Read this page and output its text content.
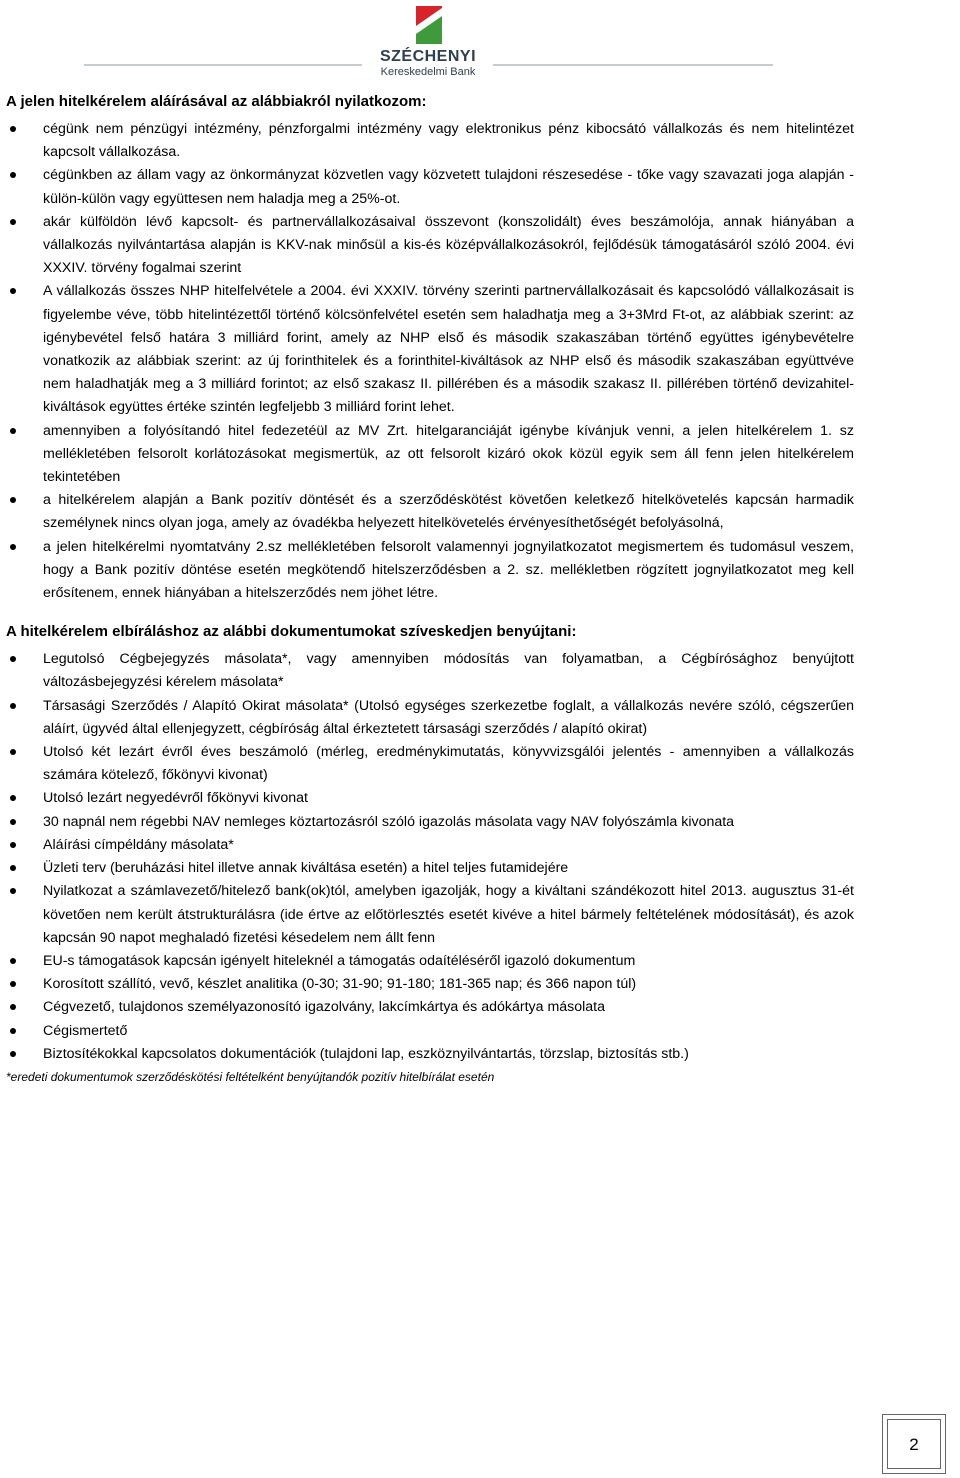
SZÉCHENYI
Kereskedelmi Bank
A jelen hitelkérelem aláírásával az alábbiakról nyilatkozom:
cégünk nem pénzügyi intézmény, pénzforgalmi intézmény vagy elektronikus pénz kibocsátó vállalkozás és nem hitelintézet kapcsolt vállalkozása.
cégünkben az állam vagy az önkormányzat közvetlen vagy közvetett tulajdoni részesedése - tőke vagy szavazati joga alapján - külön-külön vagy együttesen nem haladja meg a 25%-ot.
akár külföldön lévő kapcsolt- és partnervállalkozásaival összevont (konszolidált) éves beszámolója, annak hiányában a vállalkozás nyilvántartása alapján is KKV-nak minősül a kis-és középvállalkozásokról, fejlődésük támogatásáról szóló 2004. évi XXXIV. törvény fogalmai szerint
A vállalkozás összes NHP hitelfelvétele a 2004. évi XXXIV. törvény szerinti partnervállalkozásait és kapcsolódó vállalkozásait is figyelembe véve, több hitelintézettől történő kölcsönfelvétel esetén sem haladhatja meg a 3+3Mrd Ft-ot, az alábbiak szerint: az igénybevétel felső határa 3 milliárd forint, amely az NHP első és második szakaszában történő együttes igénybevételre vonatkozik az alábbiak szerint: az új forinthitelek és a forinthitel-kiváltások az NHP első és második szakaszában együttvéve nem haladhatják meg a 3 milliárd forintot; az első szakasz II. pillérében és a második szakasz II. pillérében történő devizahitel-kiváltások együttes értéke szintén legfeljebb 3 milliárd forint lehet.
amennyiben a folyósítandó hitel fedezetéül az MV Zrt. hitelgaranciáját igénybe kívánjuk venni, a jelen hitelkérelem 1. sz mellékletében felsorolt korlátozásokat megismertük, az ott felsorolt kizáró okok közül egyik sem áll fenn jelen hitelkérelem tekintetében
a hitelkérelem alapján a Bank pozitív döntését és a szerződéskötést követően keletkező hitelkövetelés kapcsán harmadik személynek nincs olyan joga, amely az óvadékba helyezett hitelkövetelés érvényesíthetőségét befolyásolná,
a jelen hitelkérelmi nyomtatvány 2.sz mellékletében felsorolt valamennyi jognyilatkozatot megismertem és tudomásul veszem, hogy a Bank pozitív döntése esetén megkötendő hitelszerződésben a 2. sz. mellékletben rögzített jognyilatkozatot meg kell erősítenem, ennek hiányában a hitelszerződés nem jöhet létre.
A hitelkérelem elbíráláshoz az alábbi dokumentumokat szíveskedjen benyújtani:
Legutolsó Cégbejegyzés másolata*, vagy amennyiben módosítás van folyamatban, a Cégbírósághoz benyújtott változásbejegyzési kérelem másolata*
Társasági Szerződés / Alapító Okirat másolata* (Utolsó egységes szerkezetbe foglalt, a vállalkozás nevére szóló, cégszerűen aláírt, ügyvéd által ellenjegyzett, cégbíróság által érkeztetett társasági szerződés / alapító okirat)
Utolsó két lezárt évről éves beszámoló (mérleg, eredménykimutatás, könyvvizsgálói jelentés - amennyiben a vállalkozás számára kötelező, főkönyvi kivonat)
Utolsó lezárt negyedévről főkönyvi kivonat
30 napnál nem régebbi NAV nemleges köztartozásról szóló igazolás másolata vagy NAV folyószámla kivonata
Aláírási címpéldány másolata*
Üzleti terv (beruházási hitel illetve annak kiváltása esetén) a hitel teljes futamidejére
Nyilatkozat a számlavezető/hitelező bank(ok)tól, amelyben igazolják, hogy a kiváltani szándékozott hitel 2013. augusztus 31-ét követően nem került átstrukturálásra (ide értve az előtörlesztés esetét kivéve a hitel bármely feltételének módosítását), és azok kapcsán 90 napot meghaladó fizetési késedelem nem állt fenn
EU-s támogatások kapcsán igényelt hiteleknél a támogatás odaítéléséről igazoló dokumentum
Korosított szállító, vevő, készlet analitika (0-30; 31-90; 91-180; 181-365 nap; és 366 napon túl)
Cégvezető, tulajdonos személyazonosító igazolvány, lakcímkártya és adókártya másolata
Cégismertető
Biztosítékokkal kapcsolatos dokumentációk (tulajdoni lap, eszköznyilvántartás, törzslap, biztosítás stb.)
*eredeti dokumentumok szerződéskötési feltételként benyújtandók pozitív hitelbírálat esetén
2
